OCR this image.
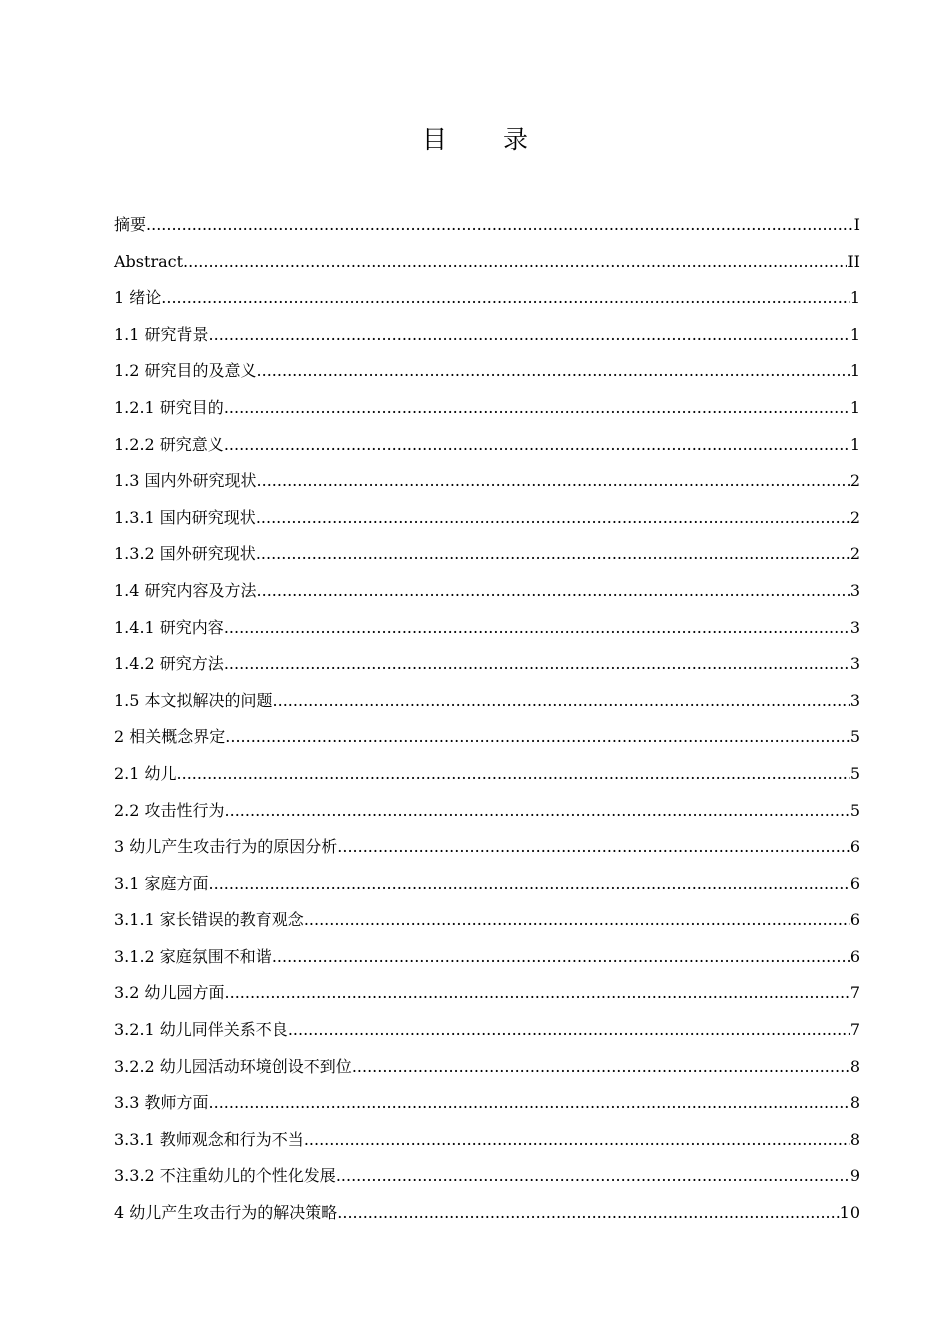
目 录
摘要 .....	I
Abstract .....	II
1 绪论 .....	1
1.1 研究背景 .....	1
1.2 研究目的及意义 .....	1
1.2.1 研究目的 .....	1
1.2.2 研究意义 .....	1
1.3 国内外研究现状 .....	2
1.3.1 国内研究现状 .....	2
1.3.2 国外研究现状 .....	2
1.4 研究内容及方法 .....	3
1.4.1 研究内容 .....	3
1.4.2 研究方法 .....	3
1.5 本文拟解决的问题 .....	3
2 相关概念界定 .....	5
2.1 幼儿 .....	5
2.2 攻击性行为 .....	5
3 幼儿产生攻击行为的原因分析 .....	6
3.1 家庭方面 .....	6
3.1.1 家长错误的教育观念 .....	6
3.1.2 家庭氛围不和谐 .....	6
3.2 幼儿园方面 .....	7
3.2.1 幼儿同伴关系不良 .....	7
3.2.2 幼儿园活动环境创设不到位 .....	8
3.3 教师方面 .....	8
3.3.1 教师观念和行为不当 .....	8
3.3.2 不注重幼儿的个性化发展 .....	9
4 幼儿产生攻击行为的解决策略 .....	10
